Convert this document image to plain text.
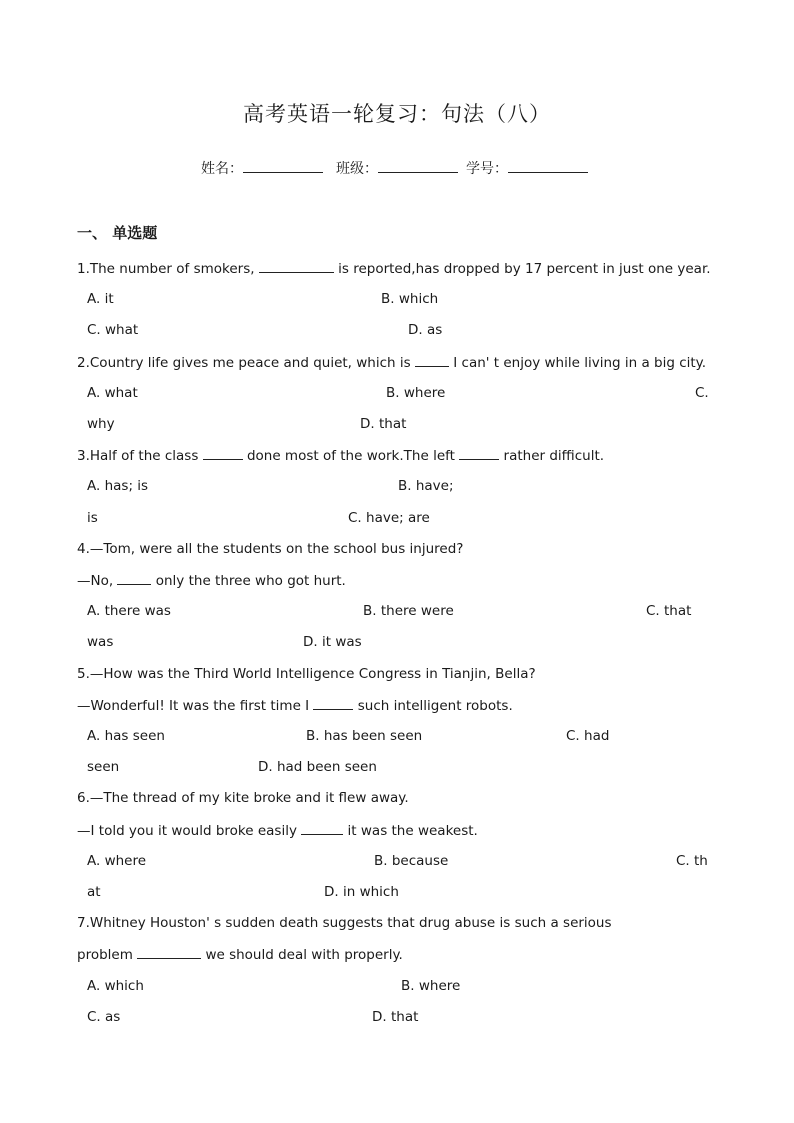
高考英语一轮复习：句法（八）
姓名：	班级：	学号：
一、 单选题
1.The number of smokers,	is reported,has dropped by 17 percent in just one year.
A. it	B. which
C. what	D. as
2.Country life gives me peace and quiet, which is	I can' t enjoy while living in a big city.
A. what	B. where	C.
why	D. that
3.Half of the class	done most of the work.The left	rather difficult.
A. has; is	B. have;
is	C. have; are
4.—Tom, were all the students on the school bus injured?
—No,	only the three who got hurt.
A. there was	B. there were	C. that
was	D. it was
5.—How was the Third World Intelligence Congress in Tianjin, Bella?
—Wonderful! It was the first time I	such intelligent robots.
A. has seen	B. has been seen	C. had
seen	D. had been seen
6.—The thread of my kite broke and it flew away.
—I told you it would broke easily	it was the weakest.
A. where	B. because	C. th
at	D. in which
7.Whitney Houston' s sudden death suggests that drug abuse is such a serious
problem	we should deal with properly.
A. which	B. where
C. as	D. that
